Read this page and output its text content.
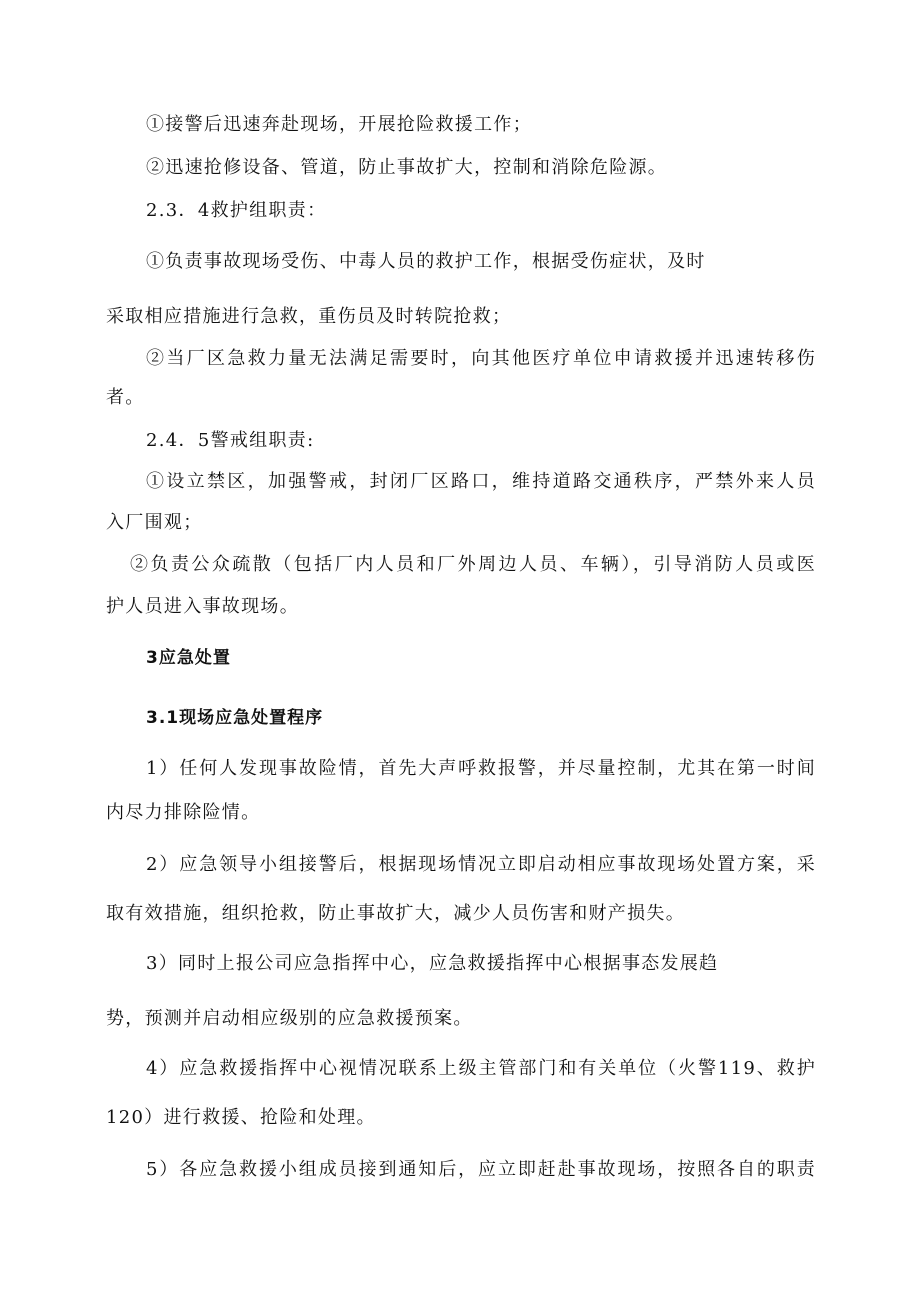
①接警后迅速奔赴现场，开展抢险救援工作；
②迅速抢修设备、管道，防止事故扩大，控制和消除危险源。
2.3．4救护组职责：
①负责事故现场受伤、中毒人员的救护工作，根据受伤症状，及时
采取相应措施进行急救，重伤员及时转院抢救；
②当厂区急救力量无法满足需要时，向其他医疗单位申请救援并迅速转移伤
者。
2.4．5警戒组职责:
①设立禁区，加强警戒，封闭厂区路口，维持道路交通秩序，严禁外来人员
入厂围观；
②负责公众疏散（包括厂内人员和厂外周边人员、车辆），引导消防人员或医
护人员进入事故现场。
3应急处置
3.1现场应急处置程序
1）任何人发现事故险情，首先大声呼救报警，并尽量控制，尤其在第一时间
内尽力排除险情。
2）应急领导小组接警后，根据现场情况立即启动相应事故现场处置方案，采
取有效措施，组织抢救，防止事故扩大，减少人员伤害和财产损失。
3）同时上报公司应急指挥中心，应急救援指挥中心根据事态发展趋
势，预测并启动相应级别的应急救援预案。
4）应急救援指挥中心视情况联系上级主管部门和有关单位（火警119、救护
120）进行救援、抢险和处理。
5）各应急救援小组成员接到通知后，应立即赶赴事故现场，按照各自的职责
